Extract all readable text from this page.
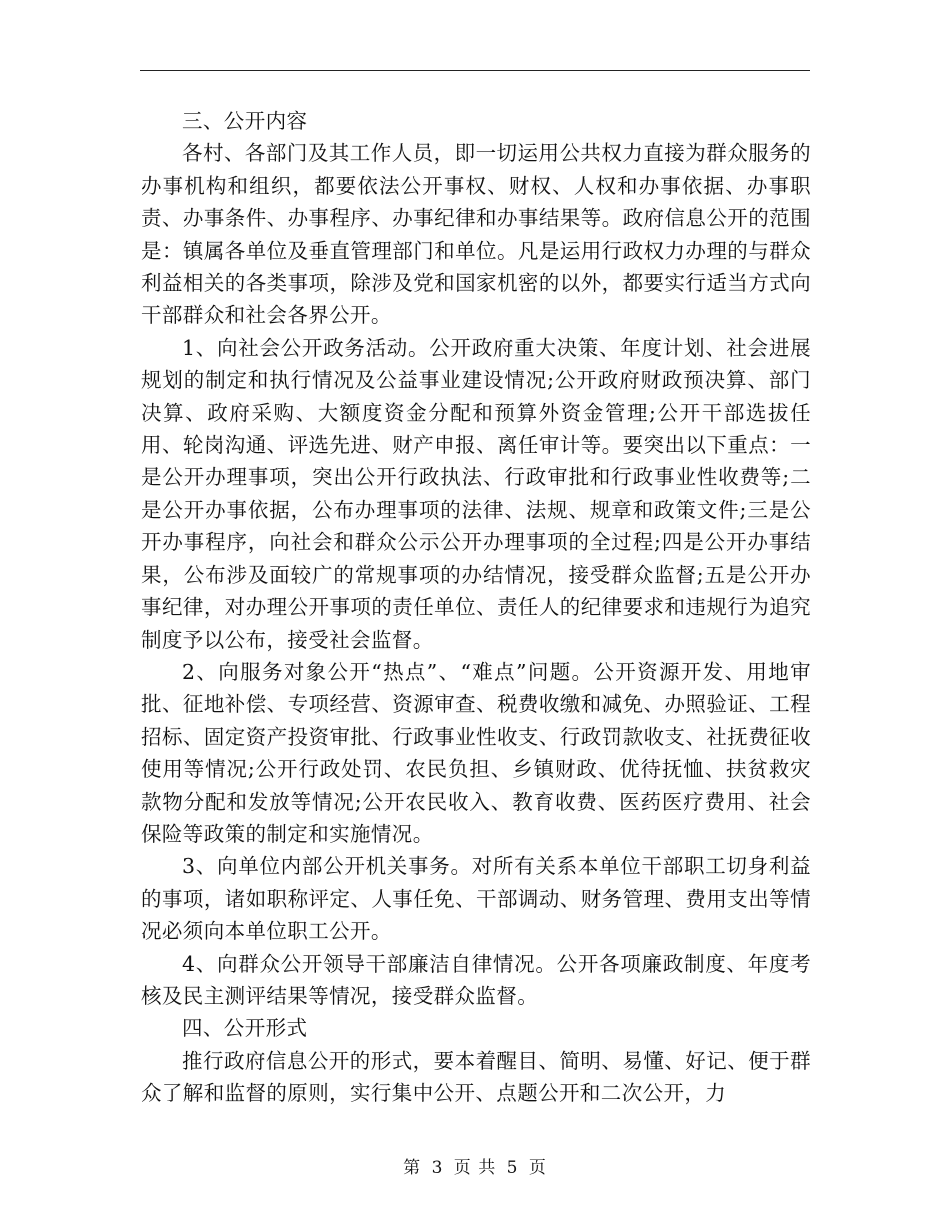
三、公开内容

各村、各部门及其工作人员，即一切运用公共权力直接为群众服务的办事机构和组织，都要依法公开事权、财权、人权和办事依据、办事职责、办事条件、办事程序、办事纪律和办事结果等。政府信息公开的范围是：镇属各单位及垂直管理部门和单位。凡是运用行政权力办理的与群众利益相关的各类事项，除涉及党和国家机密的以外，都要实行适当方式向干部群众和社会各界公开。

1、向社会公开政务活动。公开政府重大决策、年度计划、社会进展规划的制定和执行情况及公益事业建设情况;公开政府财政预决算、部门决算、政府采购、大额度资金分配和预算外资金管理;公开干部选拔任用、轮岗沟通、评选先进、财产申报、离任审计等。要突出以下重点：一是公开办理事项，突出公开行政执法、行政审批和行政事业性收费等;二是公开办事依据，公布办理事项的法律、法规、规章和政策文件;三是公开办事程序，向社会和群众公示公开办理事项的全过程;四是公开办事结果，公布涉及面较广的常规事项的办结情况，接受群众监督;五是公开办事纪律，对办理公开事项的责任单位、责任人的纪律要求和违规行为追究制度予以公布，接受社会监督。

2、向服务对象公开“热点”、“难点”问题。公开资源开发、用地审批、征地补偿、专项经营、资源审查、税费收缴和减免、办照验证、工程招标、固定资产投资审批、行政事业性收支、行政罚款收支、社抚费征收使用等情况;公开行政处罚、农民负担、乡镇财政、优待抚恤、扶贫救灾款物分配和发放等情况;公开农民收入、教育收费、医药医疗费用、社会保险等政策的制定和实施情况。

3、向单位内部公开机关事务。对所有关系本单位干部职工切身利益的事项，诸如职称评定、人事任免、干部调动、财务管理、费用支出等情况必须向本单位职工公开。

4、向群众公开领导干部廉洁自律情况。公开各项廉政制度、年度考核及民主测评结果等情况，接受群众监督。

四、公开形式

推行政府信息公开的形式，要本着醒目、简明、易懂、好记、便于群众了解和监督的原则，实行集中公开、点题公开和二次公开，力

第 3 页 共 5 页
